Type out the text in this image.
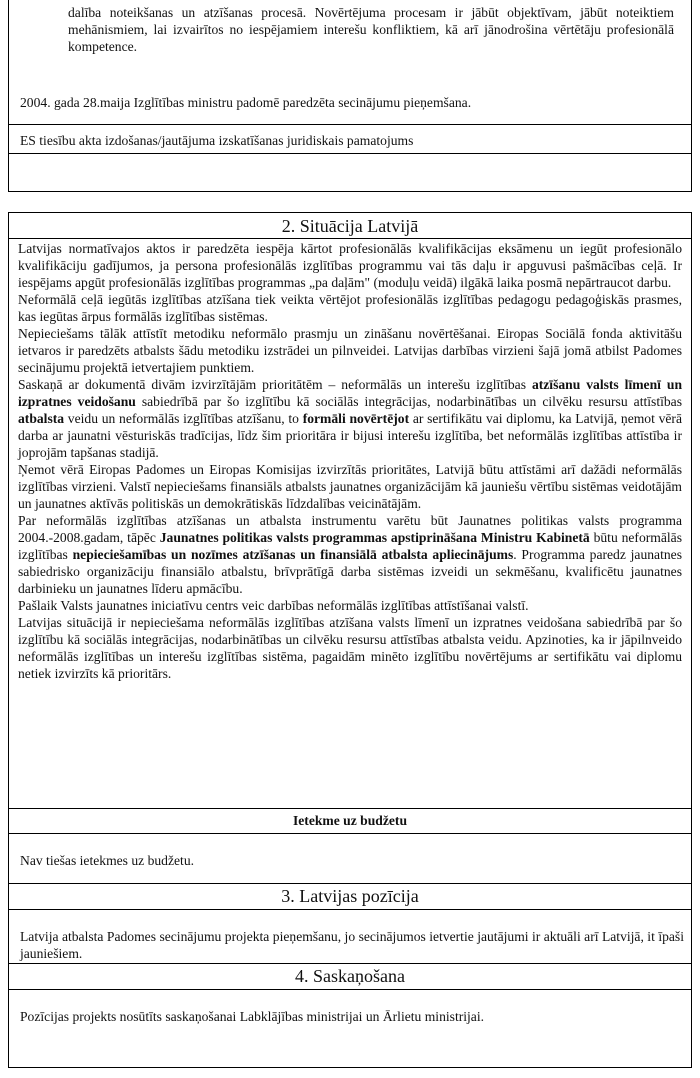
dalība noteikšanas un atzīšanas procesā. Novērtējuma procesam ir jābūt objektīvam, jābūt noteiktiem mehānismiem, lai izvairītos no iespējamiem interešu konfliktiem, kā arī jānodrošina vērtētāju profesionālā kompetence.

2004. gada 28.maija Izglītības ministru padomē paredzēta secinājumu pieņemšana.

ES tiesību akta izdošanas/jautājuma izskatīšanas juridiskais pamatojums

2. Situācija Latvijā

Latvijas normatīvajos aktos ir paredzēta iespēja kārtot profesionālās kvalifikācijas eksāmenu un iegūt profesionālo kvalifikāciju gadījumos, ja persona profesionālās izglītības programmu vai tās daļu ir apguvusi pašmācības ceļā. Ir iespējams apgūt profesionālās izglītības programmas „pa daļām" (moduļu veidā) ilgākā laika posmā nepārtraucot darbu.

Neformālā ceļā iegūtās izglītības atzīšana tiek veikta vērtējot profesionālās izglītības pedagogu pedagoģiskās prasmes, kas iegūtas ārpus formālās izglītības sistēmas.

Nepieciešams tālāk attīstīt metodiku neformālo prasmju un zināšanu novērtēšanai. Eiropas Sociālā fonda aktivitāšu ietvaros ir paredzēts atbalsts šādu metodiku izstrādei un pilnveidei. Latvijas darbības virzieni šajā jomā atbilst Padomes secinājumu projektā ietvertajiem punktiem.

Saskaņā ar dokumentā divām izvirzītājām prioritātēm – neformālās un interešu izglītības atzīšanu valsts līmenī un izpratnes veidošanu sabiedrībā par šo izglītību kā sociālās integrācijas, nodarbinātības un cilvēku resursu attīstības atbalsta veidu un neformālās izglītības atzīšanu, to formāli novērtējot ar sertifikātu vai diplomu, ka Latvijā, ņemot vērā darba ar jaunatni vēsturiskās tradīcijas, līdz šim prioritāra ir bijusi interešu izglītība, bet neformālās izglītības attīstība ir joprojām tapšanas stadijā.

Ņemot vērā Eiropas Padomes un Eiropas Komisijas izvirzītās prioritātes, Latvijā būtu attīstāmi arī dažādi neformālās izglītības virzieni. Valstī nepieciešams finansiāls atbalsts jaunatnes organizācijām kā jauniešu vērtību sistēmas veidotājām un jaunatnes aktīvās politiskās un demokrātiskās līdzdalības veicinātājām.

Par neformālās izglītības atzīšanas un atbalsta instrumentu varētu būt Jaunatnes politikas valsts programma 2004.-2008.gadam, tāpēc Jaunatnes politikas valsts programmas apstiprināšana Ministru Kabinetā būtu neformālās izglītības nepieciešamības un nozīmes atzīšanas un finansiālā atbalsta apliecinājums. Programma paredz jaunatnes sabiedrisko organizāciju finansiālo atbalstu, brīvprātīgā darba sistēmas izveidi un sekmēšanu, kvalificētu jaunatnes darbinieku un jaunatnes līderu apmācību.

Pašlaik Valsts jaunatnes iniciatīvu centrs veic darbības neformālās izglītības attīstīšanai valstī.

Latvijas situācijā ir nepieciešama neformālās izglītības atzīšana valsts līmenī un izpratnes veidošana sabiedrībā par šo izglītību kā sociālās integrācijas, nodarbinātības un cilvēku resursu attīstības atbalsta veidu. Apzinoties, ka ir jāpilnveido neformālās izglītības un interešu izglītības sistēma, pagaidām minēto izglītību novērtējums ar sertifikātu vai diplomu netiek izvirzīts kā prioritārs.

Ietekme uz budžetu

Nav tiešas ietekmes uz budžetu.

3. Latvijas pozīcija

Latvija atbalsta Padomes secinājumu projekta pieņemšanu, jo secinājumos ietvertie jautājumi ir aktuāli arī Latvijā, it īpaši jauniešiem.

4. Saskaņošana

Pozīcijas projekts nosūtīts saskaņošanai Labklājības ministrijai un Ārlietu ministrijai.
